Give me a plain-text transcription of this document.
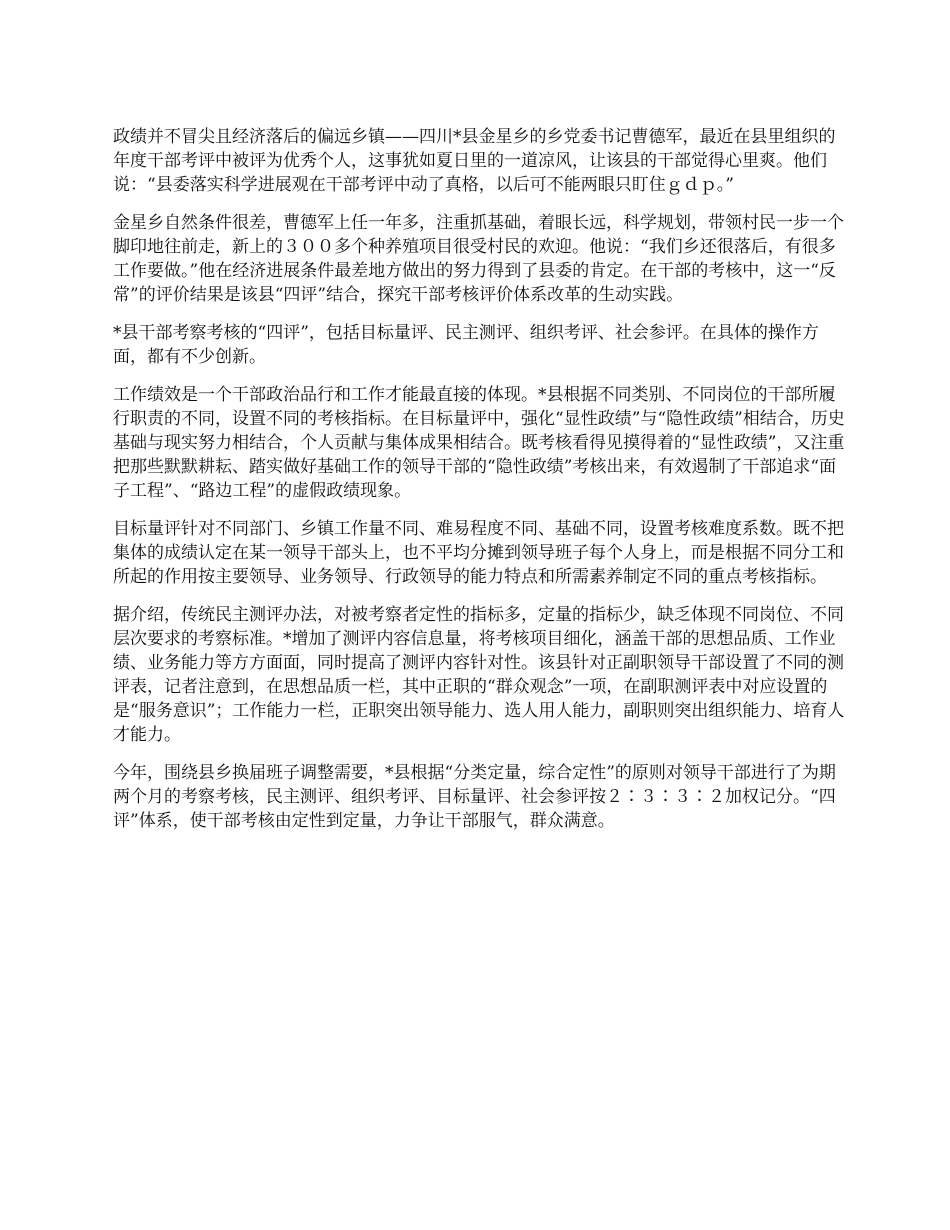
政绩并不冒尖且经济落后的偏远乡镇——四川*县金星乡的乡党委书记曹德军，最近在县里组织的年度干部考评中被评为优秀个人，这事犹如夏日里的一道凉风，让该县的干部觉得心里爽。他们说：“县委落实科学进展观在干部考评中动了真格，以后可不能两眼只盯住ｇｄｐ。”

金星乡自然条件很差，曹德军上任一年多，注重抓基础，着眼长远，科学规划，带领村民一步一个脚印地往前走，新上的３００多个种养殖项目很受村民的欢迎。他说：“我们乡还很落后，有很多工作要做。”他在经济进展条件最差地方做出的努力得到了县委的肯定。在干部的考核中，这一“反常”的评价结果是该县“四评”结合，探究干部考核评价体系改革的生动实践。

*县干部考察考核的“四评”，包括目标量评、民主测评、组织考评、社会参评。在具体的操作方面，都有不少创新。

工作绩效是一个干部政治品行和工作才能最直接的体现。*县根据不同类别、不同岗位的干部所履行职责的不同，设置不同的考核指标。在目标量评中，强化“显性政绩”与“隐性政绩”相结合，历史基础与现实努力相结合，个人贡献与集体成果相结合。既考核看得见摸得着的“显性政绩”，又注重把那些默默耕耘、踏实做好基础工作的领导干部的“隐性政绩”考核出来，有效遏制了干部追求“面子工程”、“路边工程”的虚假政绩现象。

目标量评针对不同部门、乡镇工作量不同、难易程度不同、基础不同，设置考核难度系数。既不把集体的成绩认定在某一领导干部头上，也不平均分摊到领导班子每个人身上，而是根据不同分工和所起的作用按主要领导、业务领导、行政领导的能力特点和所需素养制定不同的重点考核指标。

据介绍，传统民主测评办法，对被考察者定性的指标多，定量的指标少，缺乏体现不同岗位、不同层次要求的考察标准。*增加了测评内容信息量，将考核项目细化，涵盖干部的思想品质、工作业绩、业务能力等方方面面，同时提高了测评内容针对性。该县针对正副职领导干部设置了不同的测评表，记者注意到，在思想品质一栏，其中正职的“群众观念”一项，在副职测评表中对应设置的是“服务意识”；工作能力一栏，正职突出领导能力、选人用人能力，副职则突出组织能力、培育人才能力。

今年，围绕县乡换届班子调整需要，*县根据“分类定量，综合定性”的原则对领导干部进行了为期两个月的考察考核，民主测评、组织考评、目标量评、社会参评按２∶３∶３∶２加权记分。“四评”体系，使干部考核由定性到定量，力争让干部服气，群众满意。
